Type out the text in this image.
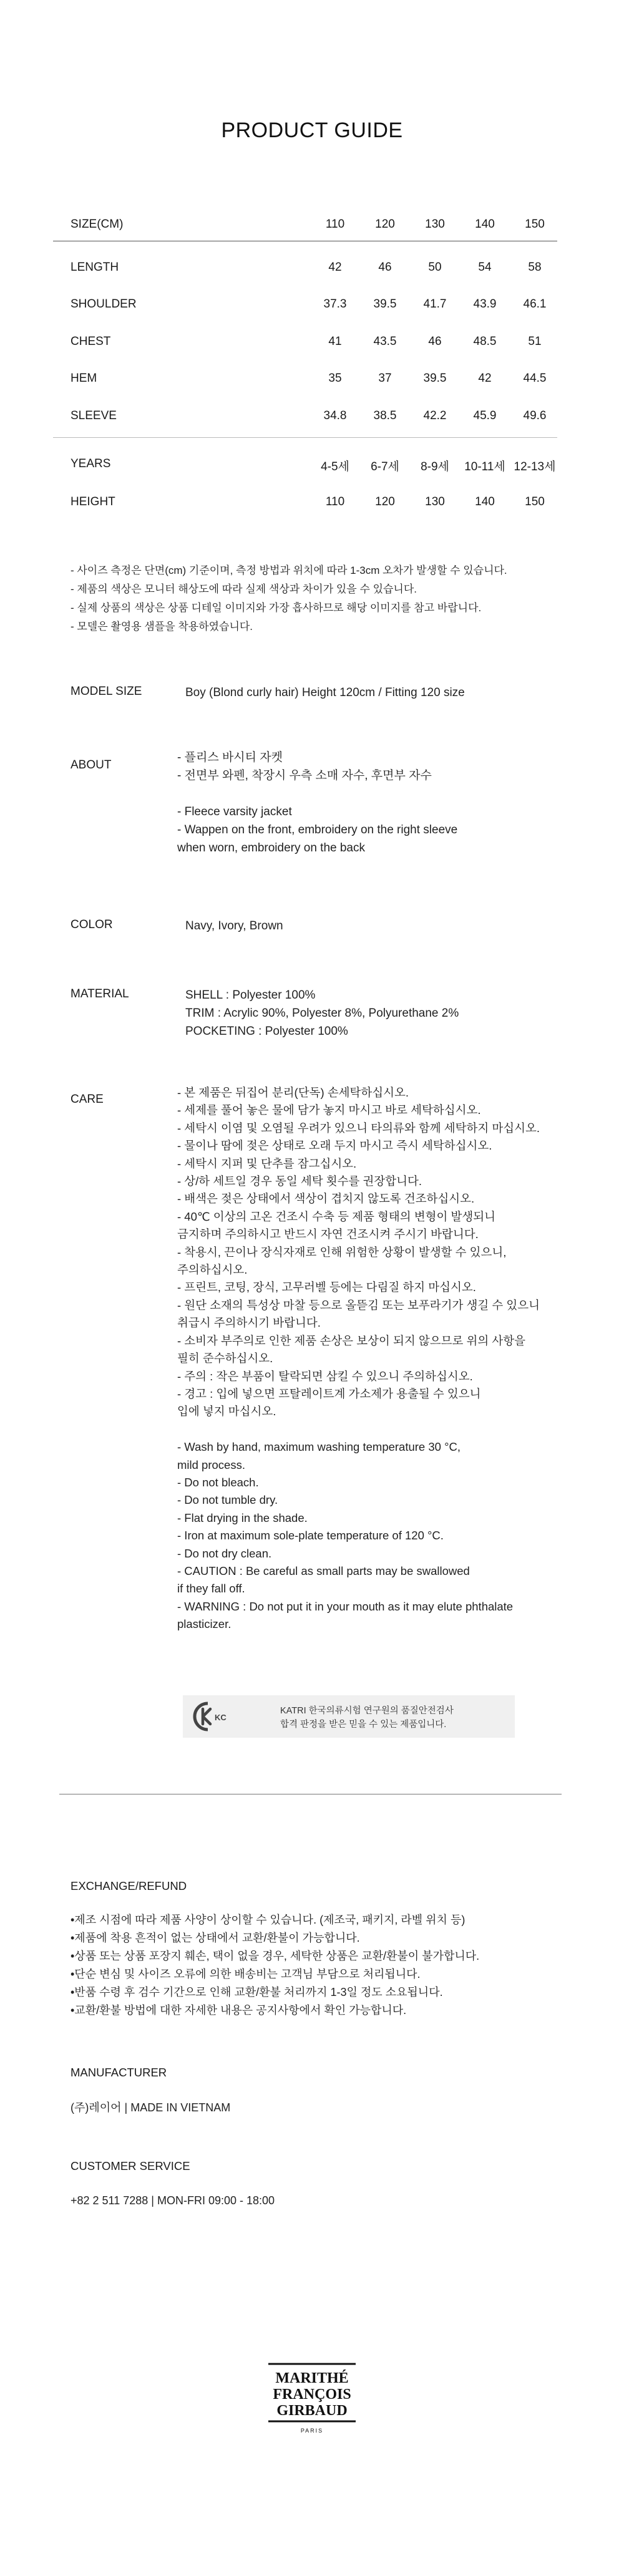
PRODUCT GUIDE
SIZE(CM)	110	120	130	140	150
LENGTH	42	46	50	54	58
SHOULDER	37.3	39.5	41.7	43.9	46.1
CHEST	41	43.5	46	48.5	51
HEM	35	37	39.5	42	44.5
SLEEVE	34.8	38.5	42.2	45.9	49.6
YEARS	4-5세	6-7세	8-9세	10-11세 12-13세
HEIGHT	110	120	130	140	150
- 사이즈 측정은 단면(cm) 기준이며, 측정 방법과 위치에 따라 1-3cm 오차가 발생할 수 있습니다.
- 제품의 색상은 모니터 해상도에 따라 실제 색상과 차이가 있을 수 있습니다.
- 실제 상품의 색상은 상품 디테일 이미지와 가장 흡사하므로 해당 이미지를 참고 바랍니다.
- 모델은 촬영용 샘플을 착용하였습니다.
MODEL SIZE	Boy (Blond curly hair) Height 120cm / Fitting 120 size
ABOUT
- 플리스 바시티 자켓
- 전면부 와펜, 착장시 우측 소매 자수, 후면부 자수

- Fleece varsity jacket
- Wappen on the front, embroidery on the right sleeve
when worn, embroidery on the back
COLOR	Navy, Ivory, Brown
MATERIAL	SHELL : Polyester 100%
TRIM : Acrylic 90%, Polyester 8%, Polyurethane 2%
POCKETING : Polyester 100%
CARE
- 본 제품은 뒤집어 분리(단독) 손세탁하십시오.
- 세제를 풀어 놓은 물에 담가 놓지 마시고 바로 세탁하십시오.
- 세탁시 이염 및 오염될 우려가 있으니 타의류와 함께 세탁하지 마십시오.
- 물이나 땀에 젖은 상태로 오래 두지 마시고 즉시 세탁하십시오.
- 세탁시 지퍼 및 단추를 잠그십시오.
- 상/하 세트일 경우 동일 세탁 횟수를 권장합니다.
- 배색은 젖은 상태에서 색상이 겹치지 않도록 건조하십시오.
- 40℃ 이상의 고온 건조시 수축 등 제품 형태의 변형이 발생되니
금지하며 주의하시고 반드시 자연 건조시켜 주시기 바랍니다.
- 착용시, 끈이나 장식자재로 인해 위험한 상황이 발생할 수 있으니,
주의하십시오.
- 프린트, 코팅, 장식, 고무러벨 등에는 다림질 하지 마십시오.
- 원단 소재의 특성상 마찰 등으로 올뜯김 또는 보푸라기가 생길 수 있으니
취급시 주의하시기 바랍니다.
- 소비자 부주의로 인한 제품 손상은 보상이 되지 않으므로 위의 사항을
필히 준수하십시오.
- 주의 : 작은 부품이 탈락되면 삼킬 수 있으니 주의하십시오.
- 경고 : 입에 넣으면 프탈레이트계 가소제가 용출될 수 있으니
입에 넣지 마십시오.

- Wash by hand, maximum washing temperature 30 °C,
mild process.
- Do not bleach.
- Do not tumble dry.
- Flat drying in the shade.
- Iron at maximum sole-plate temperature of 120 °C.
- Do not dry clean.
- CAUTION : Be careful as small parts may be swallowed
if they fall off.
- WARNING : Do not put it in your mouth as it may elute phthalate
plasticizer.
KC
KATRI 한국의류시험 연구원의 품질안전검사
합격 판정을 받은 믿을 수 있는 제품입니다.
EXCHANGE/REFUND
•제조 시점에 따라 제품 사양이 상이할 수 있습니다. (제조국, 패키지, 라벨 위치 등)
•제품에 착용 흔적이 없는 상태에서 교환/환불이 가능합니다.
•상품 또는 상품 포장지 훼손, 택이 없을 경우, 세탁한 상품은 교환/환불이 불가합니다.
•단순 변심 및 사이즈 오류에 의한 배송비는 고객님 부담으로 처리됩니다.
•반품 수령 후 검수 기간으로 인해 교환/환불 처리까지 1-3일 정도 소요됩니다.
•교환/환불 방법에 대한 자세한 내용은 공지사항에서 확인 가능합니다.
MANUFACTURER
(주)레이어 | MADE IN VIETNAM
CUSTOMER SERVICE
+82 2 511 7288 | MON-FRI 09:00 - 18:00
MARITHÉ
FRANÇOIS
GIRBAUD
PARIS
